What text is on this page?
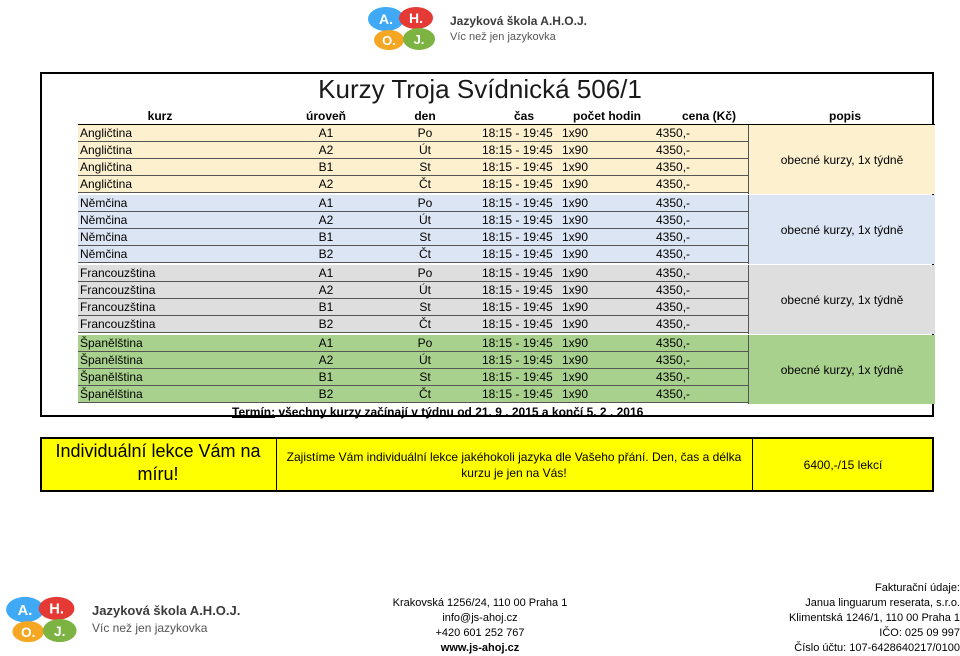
A. H.
O. J.
Jazyková škola A.H.O.J.
Víc než jen jazykovka
Kurzy Troja Svídnická 506/1
kurz	úroveň	den	čas	počet hodin	cena (Kč)	popis
Angličtina	A1	Po	18:15 - 19:45 1x90	4350,-
Angličtina	A2	Út	18:15 - 19:45 1x90	4350,-
Angličtina	B1	St	18:15 - 19:45 1x90	4350,-
Angličtina	A2	Čt	18:15 - 19:45 1x90	4350,-
obecné kurzy, 1x týdně
Němčina	A1	Po	18:15 - 19:45 1x90	4350,-
Němčina	A2	Út	18:15 - 19:45 1x90	4350,-
Němčina	B1	St	18:15 - 19:45 1x90	4350,-
Němčina	B2	Čt	18:15 - 19:45 1x90	4350,-
obecné kurzy, 1x týdně
Francouzština	A1	Po	18:15 - 19:45 1x90	4350,-
Francouzština	A2	Út	18:15 - 19:45 1x90	4350,-
Francouzština	B1	St	18:15 - 19:45 1x90	4350,-
Francouzština	B2	Čt	18:15 - 19:45 1x90	4350,-
obecné kurzy, 1x týdně
Španělština	A1	Po	18:15 - 19:45 1x90	4350,-
Španělština	A2	Út	18:15 - 19:45 1x90	4350,-
Španělština	B1	St	18:15 - 19:45 1x90	4350,-
Španělština	B2	Čt	18:15 - 19:45 1x90	4350,-
obecné kurzy, 1x týdně
Termín: všechny kurzy začínají v týdnu od 21. 9 . 2015 a končí 5. 2 . 2016
Individuální lekce Vám na míru!
Zajistíme Vám individuální lekce jakéhokoli jazyka dle Vašeho přání. Den, čas a délka kurzu je jen na Vás!
6400,-/15 lekcí
A. H.
O. J.
Jazyková škola A.H.O.J.
Víc než jen jazykovka
Krakovská 1256/24, 110 00 Praha 1
info@js-ahoj.cz
+420 601 252 767
www.js-ahoj.cz
Fakturační údaje:
Janua linguarum reserata, s.r.o.
Klimentská 1246/1, 110 00 Praha 1
IČO: 025 09 997
Číslo účtu: 107-6428640217/0100
